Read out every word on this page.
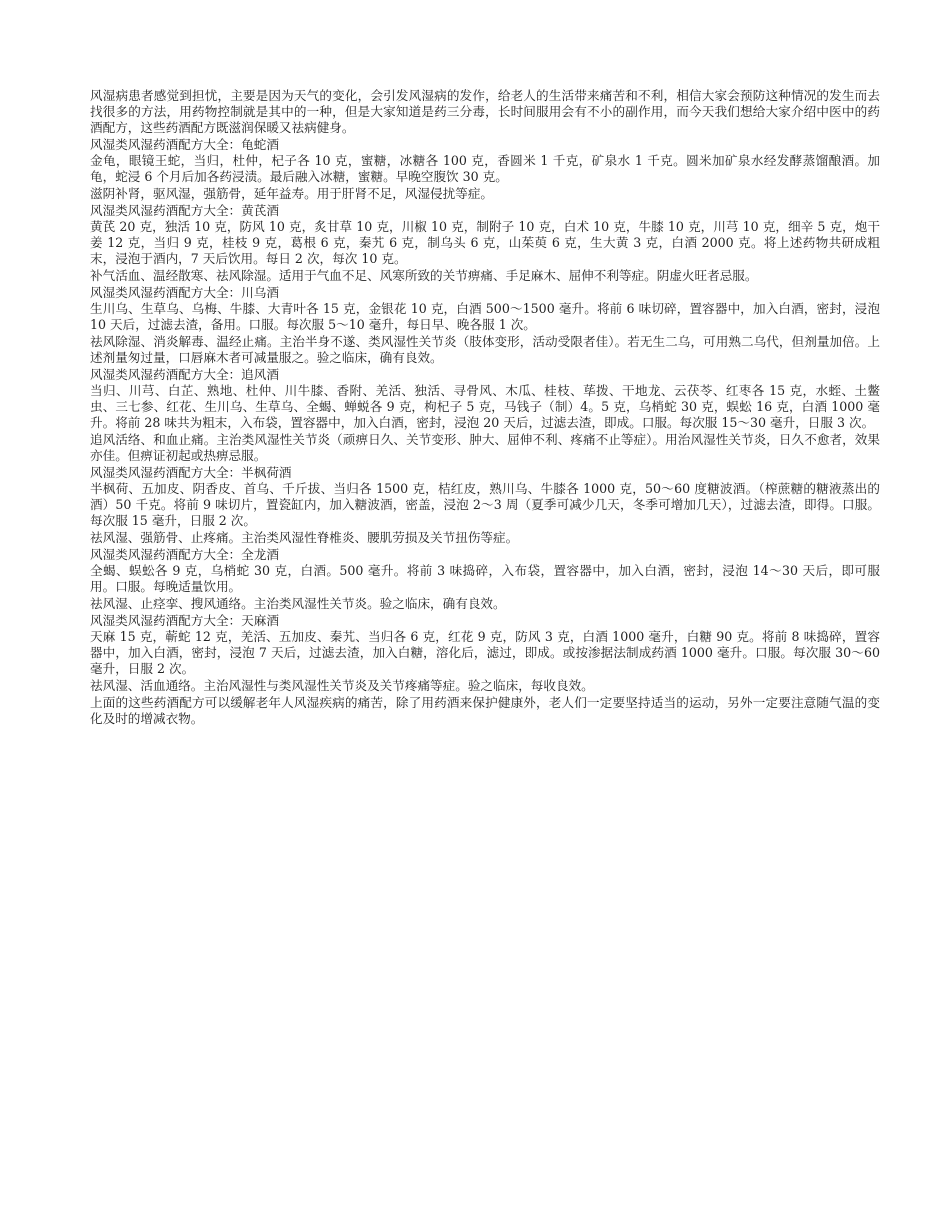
风湿病患者感觉到担忧，主要是因为天气的变化，会引发风湿病的发作，给老人的生活带来痛苦和不利，相信大家会预防这种情况的发生而去找很多的方法，用药物控制就是其中的一种，但是大家知道是药三分毒，长时间服用会有不小的副作用，而今天我们想给大家介绍中医中的药酒配方，这些药酒配方既滋润保暖又祛病健身。

风湿类风湿药酒配方大全：龟蛇酒

金龟，眼镜王蛇，当归，杜仲，杞子各 10 克，蜜糖，冰糖各 100 克，香圆米 1 千克，矿泉水 1 千克。圆米加矿泉水经发酵蒸馏酿酒。加龟，蛇浸 6 个月后加各药浸渍。最后融入冰糖，蜜糖。早晚空腹饮 30 克。

滋阴补肾，驱风湿，强筋骨，延年益寿。用于肝肾不足，风湿侵扰等症。

风湿类风湿药酒配方大全：黄芪酒

黄芪 20 克，独活 10 克，防风 10 克，炙甘草 10 克，川椒 10 克，制附子 10 克，白术 10 克，牛膝 10 克，川芎 10 克，细辛 5 克，炮干姜 12 克，当归 9 克，桂枝 9 克，葛根 6 克，秦艽 6 克，制乌头 6 克，山茱萸 6 克，生大黄 3 克，白酒 2000 克。将上述药物共研成粗末，浸泡于酒内，7 天后饮用。每日 2 次，每次 10 克。

补气活血、温经散寒、祛风除湿。适用于气血不足、风寒所致的关节痹痛、手足麻木、屈伸不利等症。阴虚火旺者忌服。

风湿类风湿药酒配方大全：川乌酒

生川乌、生草乌、乌梅、牛膝、大青叶各 15 克，金银花 10 克，白酒 500～1500 毫升。将前 6 味切碎，置容器中，加入白酒，密封，浸泡 10 天后，过滤去渣，备用。口服。每次服 5～10 毫升，每日早、晚各服 1 次。

祛风除湿、消炎解毒、温经止痛。主治半身不遂、类风湿性关节炎（肢体变形，活动受限者佳）。若无生二乌，可用熟二乌代，但剂量加倍。上述剂量匆过量，口唇麻木者可减量服之。验之临床，确有良效。

风湿类风湿药酒配方大全：追风酒

当归、川芎、白芷、熟地、杜仲、川牛膝、香附、羌活、独活、寻骨风、木瓜、桂枝、荜拨、干地龙、云茯苓、红枣各 15 克，水蛭、土鳖虫、三七参、红花、生川乌、生草乌、全蝎、蝉蜕各 9 克，枸杞子 5 克，马钱子（制）4。5 克，乌梢蛇 30 克，蜈蚣 16 克，白酒 1000 毫升。将前 28 味共为粗末，入布袋，置容器中，加入白酒，密封，浸泡 20 天后，过滤去渣，即成。口服。每次服 15～30 毫升，日服 3 次。

追风活络、和血止痛。主治类风湿性关节炎（顽痹日久、关节变形、肿大、屈伸不利、疼痛不止等症）。用治风湿性关节炎，日久不愈者，效果亦佳。但痹证初起或热痹忌服。

风湿类风湿药酒配方大全：半枫荷酒

半枫荷、五加皮、阴香皮、首乌、千斤拔、当归各 1500 克，桔红皮，熟川乌、牛膝各 1000 克，50～60 度糖波酒。（榨蔗糖的糖液蒸出的酒）50 千克。将前 9 味切片，置瓷缸内，加入糖波酒，密盖，浸泡 2～3 周（夏季可减少几天，冬季可增加几天），过滤去渣，即得。口服。每次服 15 毫升，日服 2 次。

祛风湿、强筋骨、止疼痛。主治类风湿性脊椎炎、腰肌劳损及关节扭伤等症。

风湿类风湿药酒配方大全：全龙酒

全蝎、蜈蚣各 9 克，乌梢蛇 30 克，白酒。500 毫升。将前 3 味捣碎，入布袋，置容器中，加入白酒，密封，浸泡 14～30 天后，即可服用。口服。每晚适量饮用。

祛风湿、止痉挛、搜风通络。主治类风湿性关节炎。验之临床，确有良效。

风湿类风湿药酒配方大全：天麻酒

天麻 15 克，蕲蛇 12 克，羌活、五加皮、秦艽、当归各 6 克，红花 9 克，防风 3 克，白酒 1000 毫升，白糖 90 克。将前 8 味捣碎，置容器中，加入白酒，密封，浸泡 7 天后，过滤去渣，加入白糖，溶化后，滤过，即成。或按渗据法制成药酒 1000 毫升。口服。每次服 30～60 毫升，日服 2 次。

祛风湿、活血通络。主治风湿性与类风湿性关节炎及关节疼痛等症。验之临床，每收良效。

上面的这些药酒配方可以缓解老年人风湿疾病的痛苦，除了用药酒来保护健康外，老人们一定要坚持适当的运动，另外一定要注意随气温的变化及时的增减衣物。
